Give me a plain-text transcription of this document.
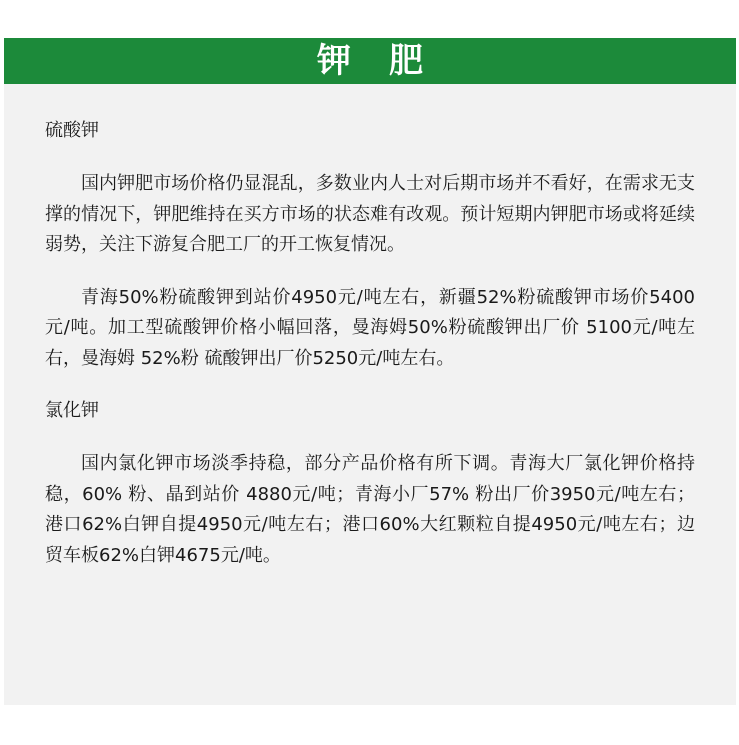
钾肥

硫酸钾

国内钾肥市场价格仍显混乱，多数业内人士对后期市场并不看好，在需求无支撑的情况下，钾肥维持在买方市场的状态难有改观。预计短期内钾肥市场或将延续弱势，关注下游复合肥工厂的开工恢复情况。

青海50%粉硫酸钾到站价4950元/吨左右，新疆52%粉硫酸钾市场价5400元/吨。加工型硫酸钾价格小幅回落，曼海姆50%粉硫酸钾出厂价 5100元/吨左右，曼海姆 52%粉 硫酸钾出厂价5250元/吨左右。

氯化钾

国内氯化钾市场淡季持稳，部分产品价格有所下调。青海大厂氯化钾价格持稳，60% 粉、晶到站价 4880元/吨；青海小厂57% 粉出厂价3950元/吨左右；港口62%白钾自提4950元/吨左右；港口60%大红颗粒自提4950元/吨左右；边贸车板62%白钾4675元/吨。
